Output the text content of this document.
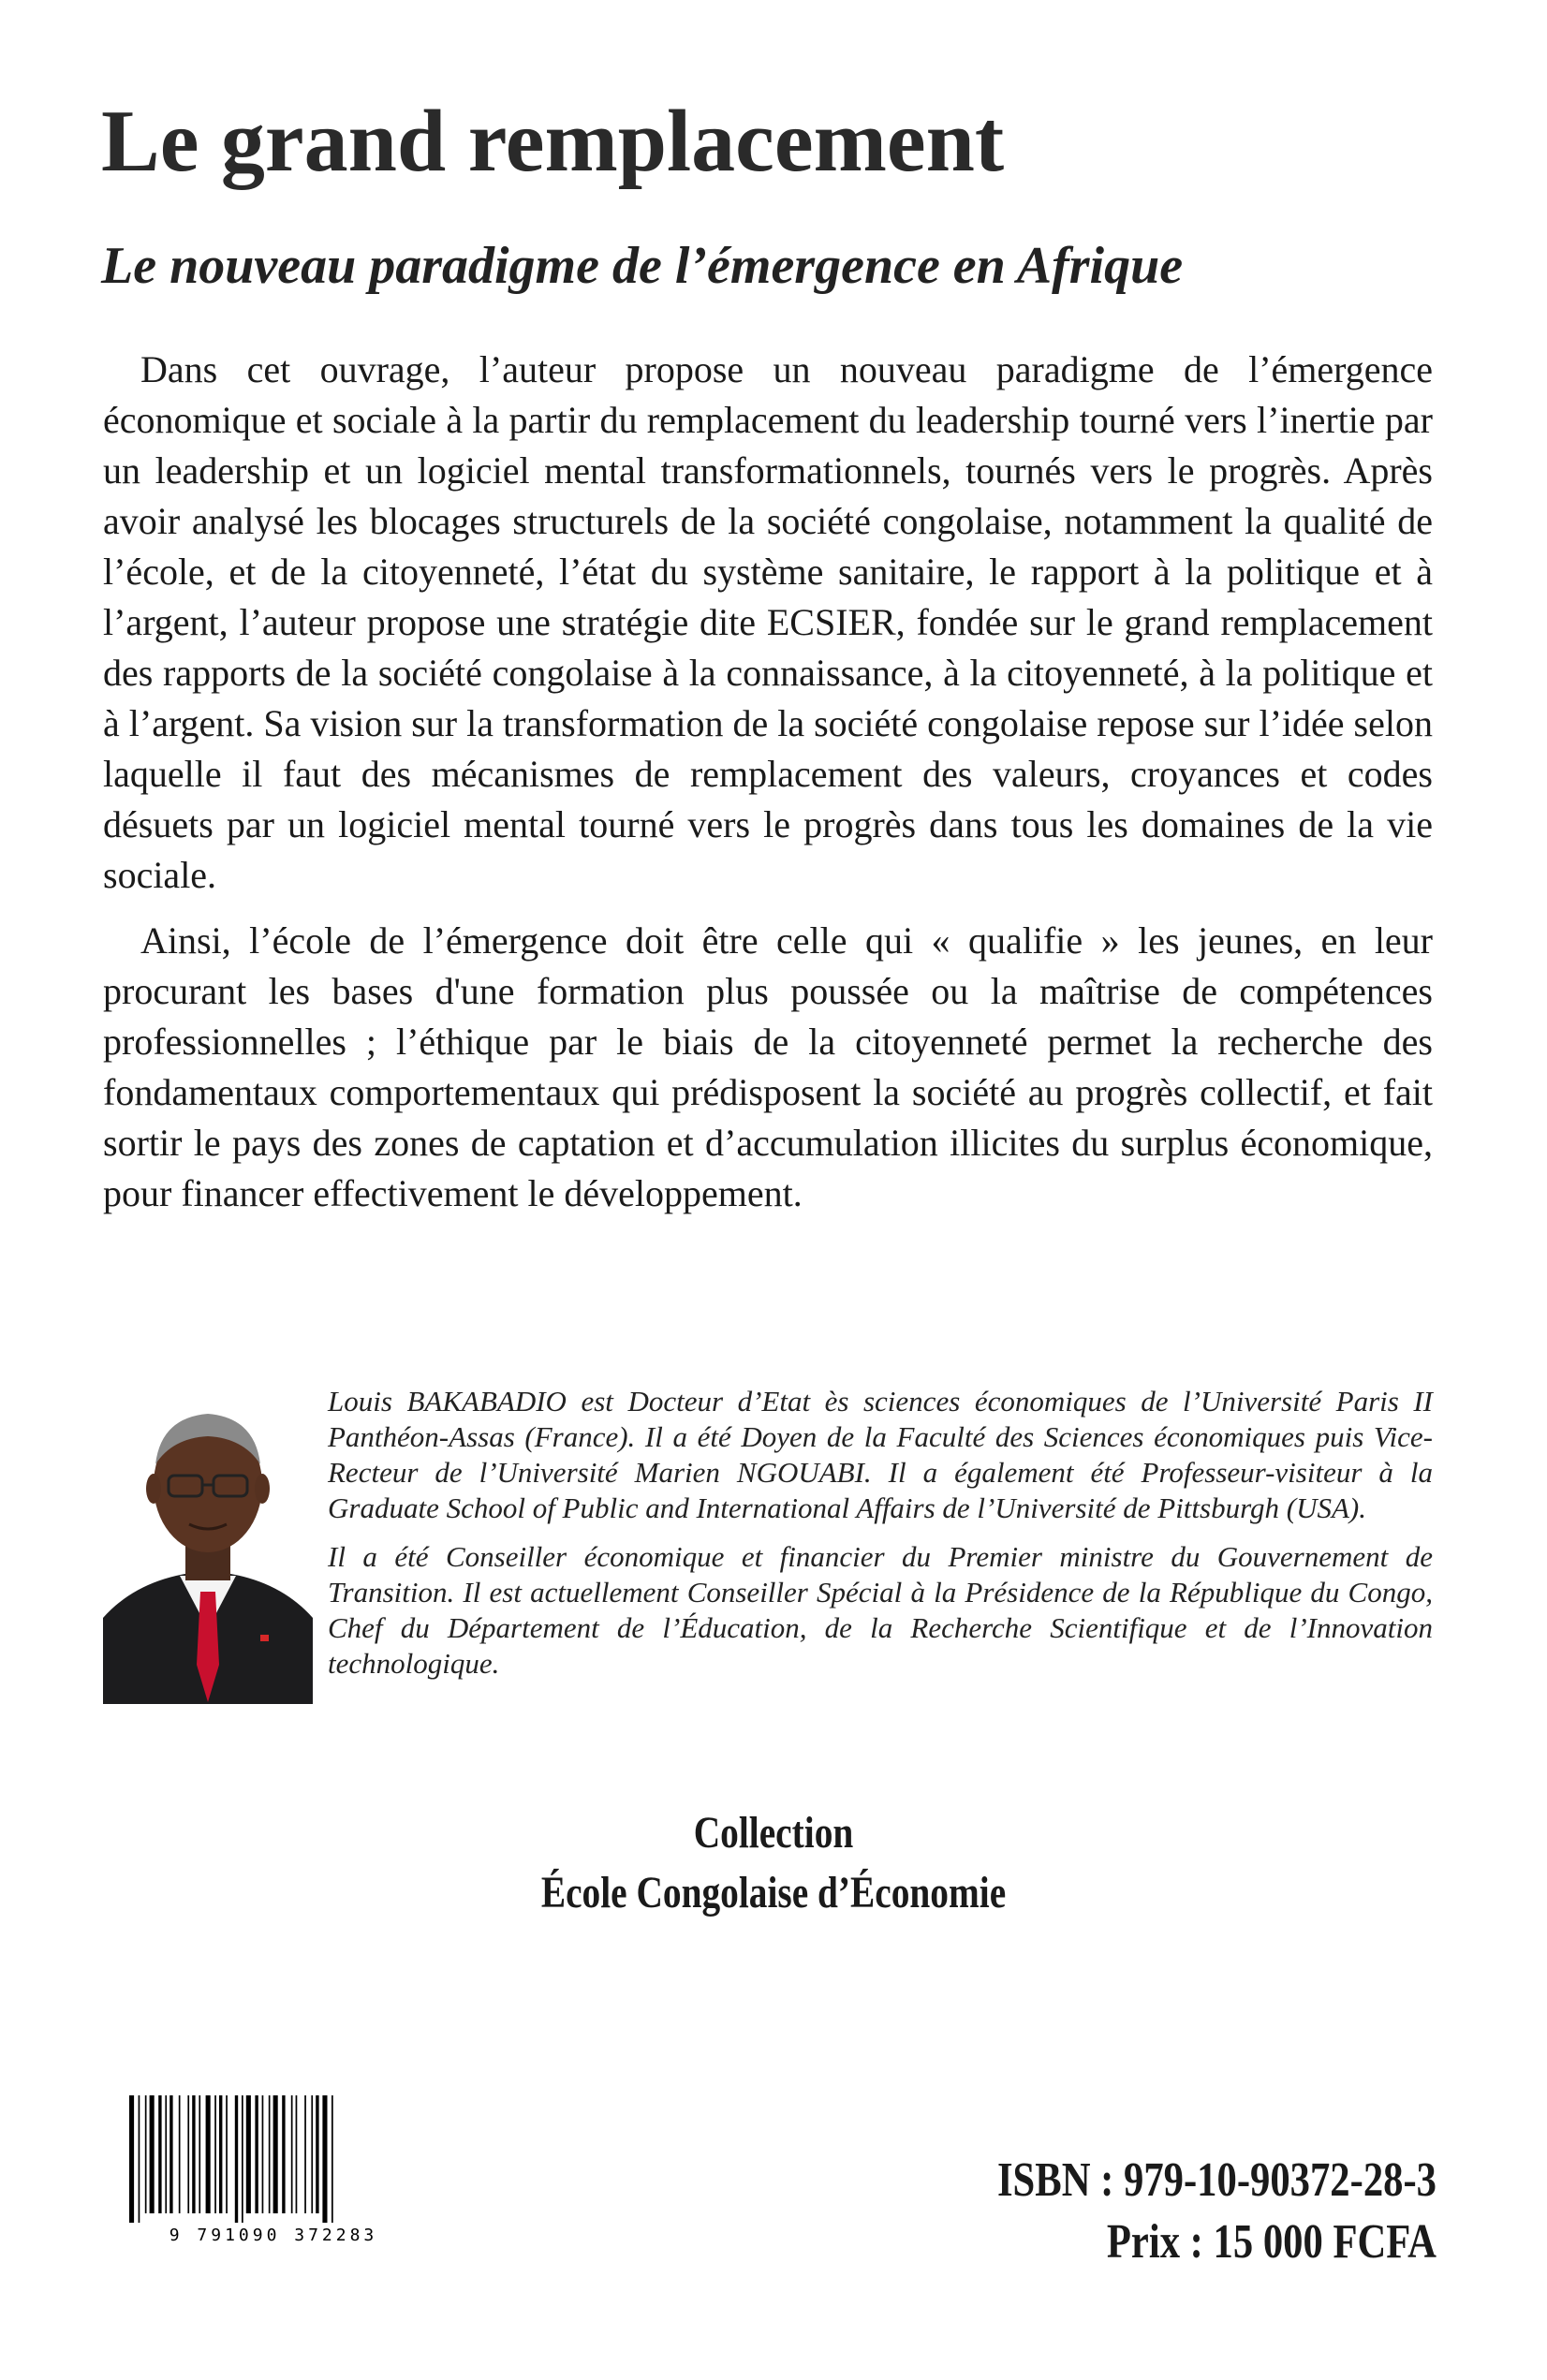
Le grand remplacement
Le nouveau paradigme de l’émergence en Afrique

Dans cet ouvrage, l’auteur propose un nouveau paradigme de l’émergence économique et sociale à la partir du remplacement du leadership tourné vers l’inertie par un leadership et un logiciel mental transformationnels, tournés vers le progrès. Après avoir analysé les blocages structurels de la société congolaise, notamment la qualité de l’école, et de la citoyenneté, l’état du système sanitaire, le rapport à la politique et à l’argent, l’auteur propose une stratégie dite ECSIER, fondée sur le grand remplacement des rapports de la société congolaise à la connaissance, à la citoyenneté, à la politique et à l’argent. Sa vision sur la transformation de la société congolaise repose sur l’idée selon laquelle il faut des mécanismes de remplacement des valeurs, croyances et codes désuets par un logiciel mental tourné vers le progrès dans tous les domaines de la vie sociale.

Ainsi, l’école de l’émergence doit être celle qui « qualifie » les jeunes, en leur procurant les bases d'une formation plus poussée ou la maîtrise de compétences professionnelles ; l’éthique par le biais de la citoyenneté permet la recherche des fondamentaux comportementaux qui prédisposent la société au progrès collectif, et fait sortir le pays des zones de captation et d’accumulation illicites du surplus économique, pour financer effectivement le développement.

Louis BAKABADIO est Docteur d’Etat ès sciences économiques de l’Université Paris II Panthéon-Assas (France). Il a été Doyen de la Faculté des Sciences économiques puis Vice-Recteur de l’Université Marien NGOUABI. Il a également été Professeur-visiteur à la Graduate School of Public and International Affairs de l’Université de Pittsburgh (USA).

Il a été Conseiller économique et financier du Premier ministre du Gouvernement de Transition. Il est actuellement Conseiller Spécial à la Présidence de la République du Congo, Chef du Département de l’Éducation, de la Recherche Scientifique et de l’Innovation technologique.

Collection
École Congolaise d’Économie
9 791090 372283
ISBN : 979-10-90372-28-3
Prix : 15 000 FCFA
